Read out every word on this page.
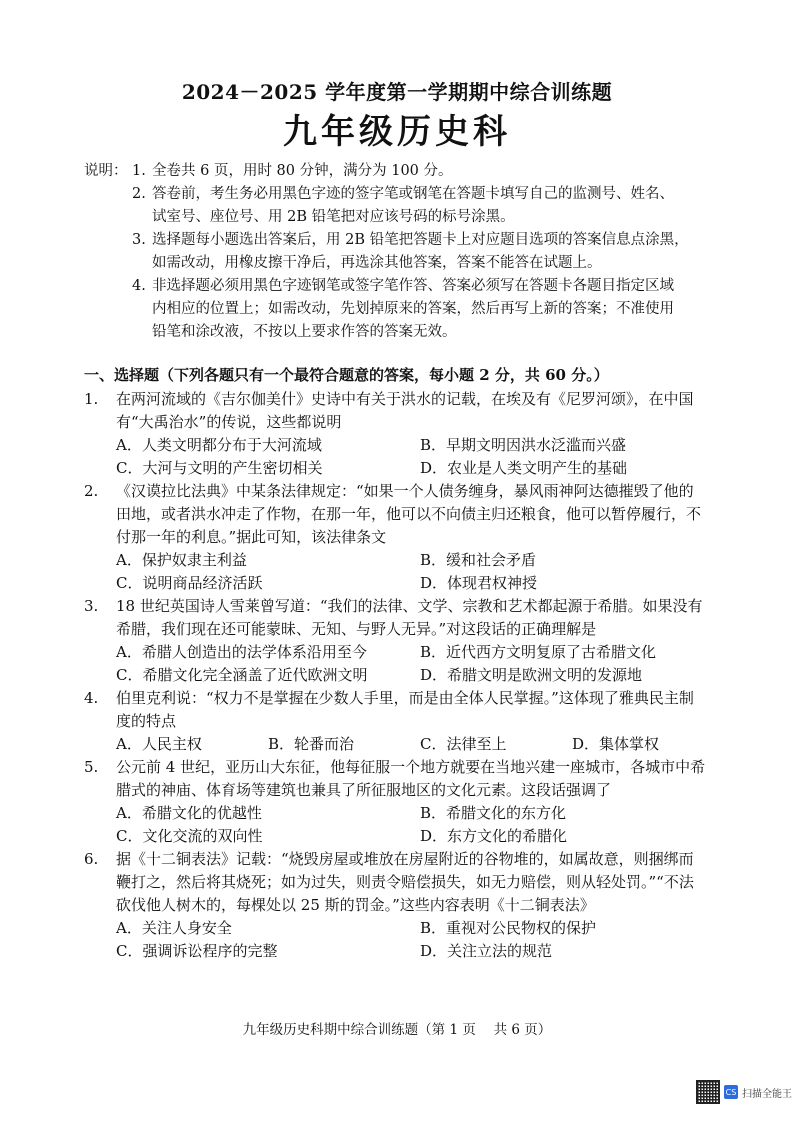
2024－2025 学年度第一学期期中综合训练题
九年级历史科
说明： 1. 全卷共 6 页，用时 80 分钟，满分为 100 分。
2. 答卷前，考生务必用黑色字迹的签字笔或钢笔在答题卡填写自己的监测号、姓名、
试室号、座位号、用 2B 铅笔把对应该号码的标号涂黑。
3. 选择题每小题选出答案后，用 2B 铅笔把答题卡上对应题目选项的答案信息点涂黑，
如需改动，用橡皮擦干净后，再选涂其他答案，答案不能答在试题上。
4. 非选择题必须用黑色字迹钢笔或签字笔作答、答案必须写在答题卡各题目指定区域
内相应的位置上；如需改动，先划掉原来的答案，然后再写上新的答案；不准使用
铅笔和涂改液，不按以上要求作答的答案无效。
一、选择题（下列各题只有一个最符合题意的答案，每小题 2 分，共 60 分。）
1.	在两河流域的《吉尔伽美什》史诗中有关于洪水的记载，在埃及有《尼罗河颂》，在中国
有“大禹治水”的传说，这些都说明
A．人类文明都分布于大河流域	B．早期文明因洪水泛滥而兴盛
C．大河与文明的产生密切相关	D．农业是人类文明产生的基础
2.	《汉谟拉比法典》中某条法律规定：“如果一个人债务缠身，暴风雨神阿达德摧毁了他的
田地，或者洪水冲走了作物，在那一年，他可以不向债主归还粮食，他可以暂停履行，不
付那一年的利息。”据此可知，该法律条文
A．保护奴隶主利益	B．缓和社会矛盾
C．说明商品经济活跃	D．体现君权神授
3.	18 世纪英国诗人雪莱曾写道：“我们的法律、文学、宗教和艺术都起源于希腊。如果没有
希腊，我们现在还可能蒙昧、无知、与野人无异。”对这段话的正确理解是
A．希腊人创造出的法学体系沿用至今	B．近代西方文明复原了古希腊文化
C．希腊文化完全涵盖了近代欧洲文明	D．希腊文明是欧洲文明的发源地
4.	伯里克利说：“权力不是掌握在少数人手里，而是由全体人民掌握。”这体现了雅典民主制
度的特点
A．人民主权	B．轮番而治	C．法律至上	D．集体掌权
5.	公元前 4 世纪，亚历山大东征，他每征服一个地方就要在当地兴建一座城市，各城市中希
腊式的神庙、体育场等建筑也兼具了所征服地区的文化元素。这段话强调了
A．希腊文化的优越性	B．希腊文化的东方化
C．文化交流的双向性	D．东方文化的希腊化
6.	据《十二铜表法》记载：“烧毁房屋或堆放在房屋附近的谷物堆的，如属故意，则捆绑而
鞭打之，然后将其烧死；如为过失，则责令赔偿损失，如无力赔偿，则从轻处罚。”“不法
砍伐他人树木的，每棵处以 25 斯的罚金。”这些内容表明《十二铜表法》
A．关注人身安全	B．重视对公民物权的保护
C．强调诉讼程序的完整	D．关注立法的规范
九年级历史科期中综合训练题（第 1 页　 共 6 页）
CS 扫描全能王
